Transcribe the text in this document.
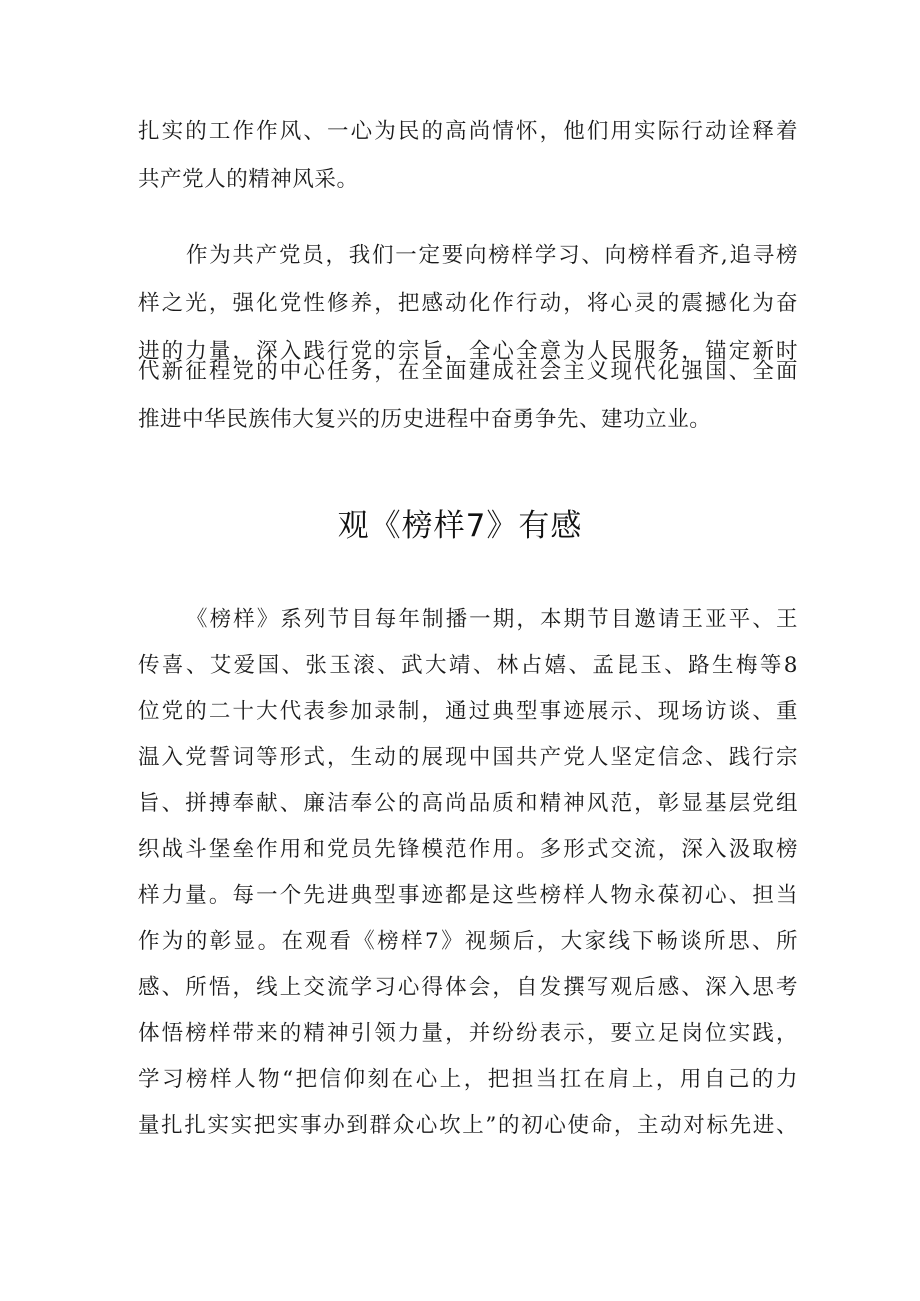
扎实的工作作风、一心为民的高尚情怀，他们用实际行动诠释着
共产党人的精神风采。
作为共产党员，我们一定要向榜样学习、向榜样看齐,追寻榜
样之光，强化党性修养，把感动化作行动，将心灵的震撼化为奋
进的力量，深入践行党的宗旨，全心全意为人民服务，锚定新时
代新征程党的中心任务，在全面建成社会主义现代化强国、全面
推进中华民族伟大复兴的历史进程中奋勇争先、建功立业。
观《榜样7》有感
《榜样》系列节目每年制播一期，本期节目邀请王亚平、王
传喜、艾爱国、张玉滚、武大靖、林占嬉、孟昆玉、路生梅等8
位党的二十大代表参加录制，通过典型事迹展示、现场访谈、重
温入党誓词等形式，生动的展现中国共产党人坚定信念、践行宗
旨、拼搏奉献、廉洁奉公的高尚品质和精神风范，彰显基层党组
织战斗堡垒作用和党员先锋模范作用。多形式交流，深入汲取榜
样力量。每一个先进典型事迹都是这些榜样人物永葆初心、担当
作为的彰显。在观看《榜样7》视频后，大家线下畅谈所思、所
感、所悟，线上交流学习心得体会，自发撰写观后感、深入思考
体悟榜样带来的精神引领力量，并纷纷表示，要立足岗位实践，
学习榜样人物“把信仰刻在心上，把担当扛在肩上，用自己的力
量扎扎实实把实事办到群众心坎上”的初心使命，主动对标先进、
